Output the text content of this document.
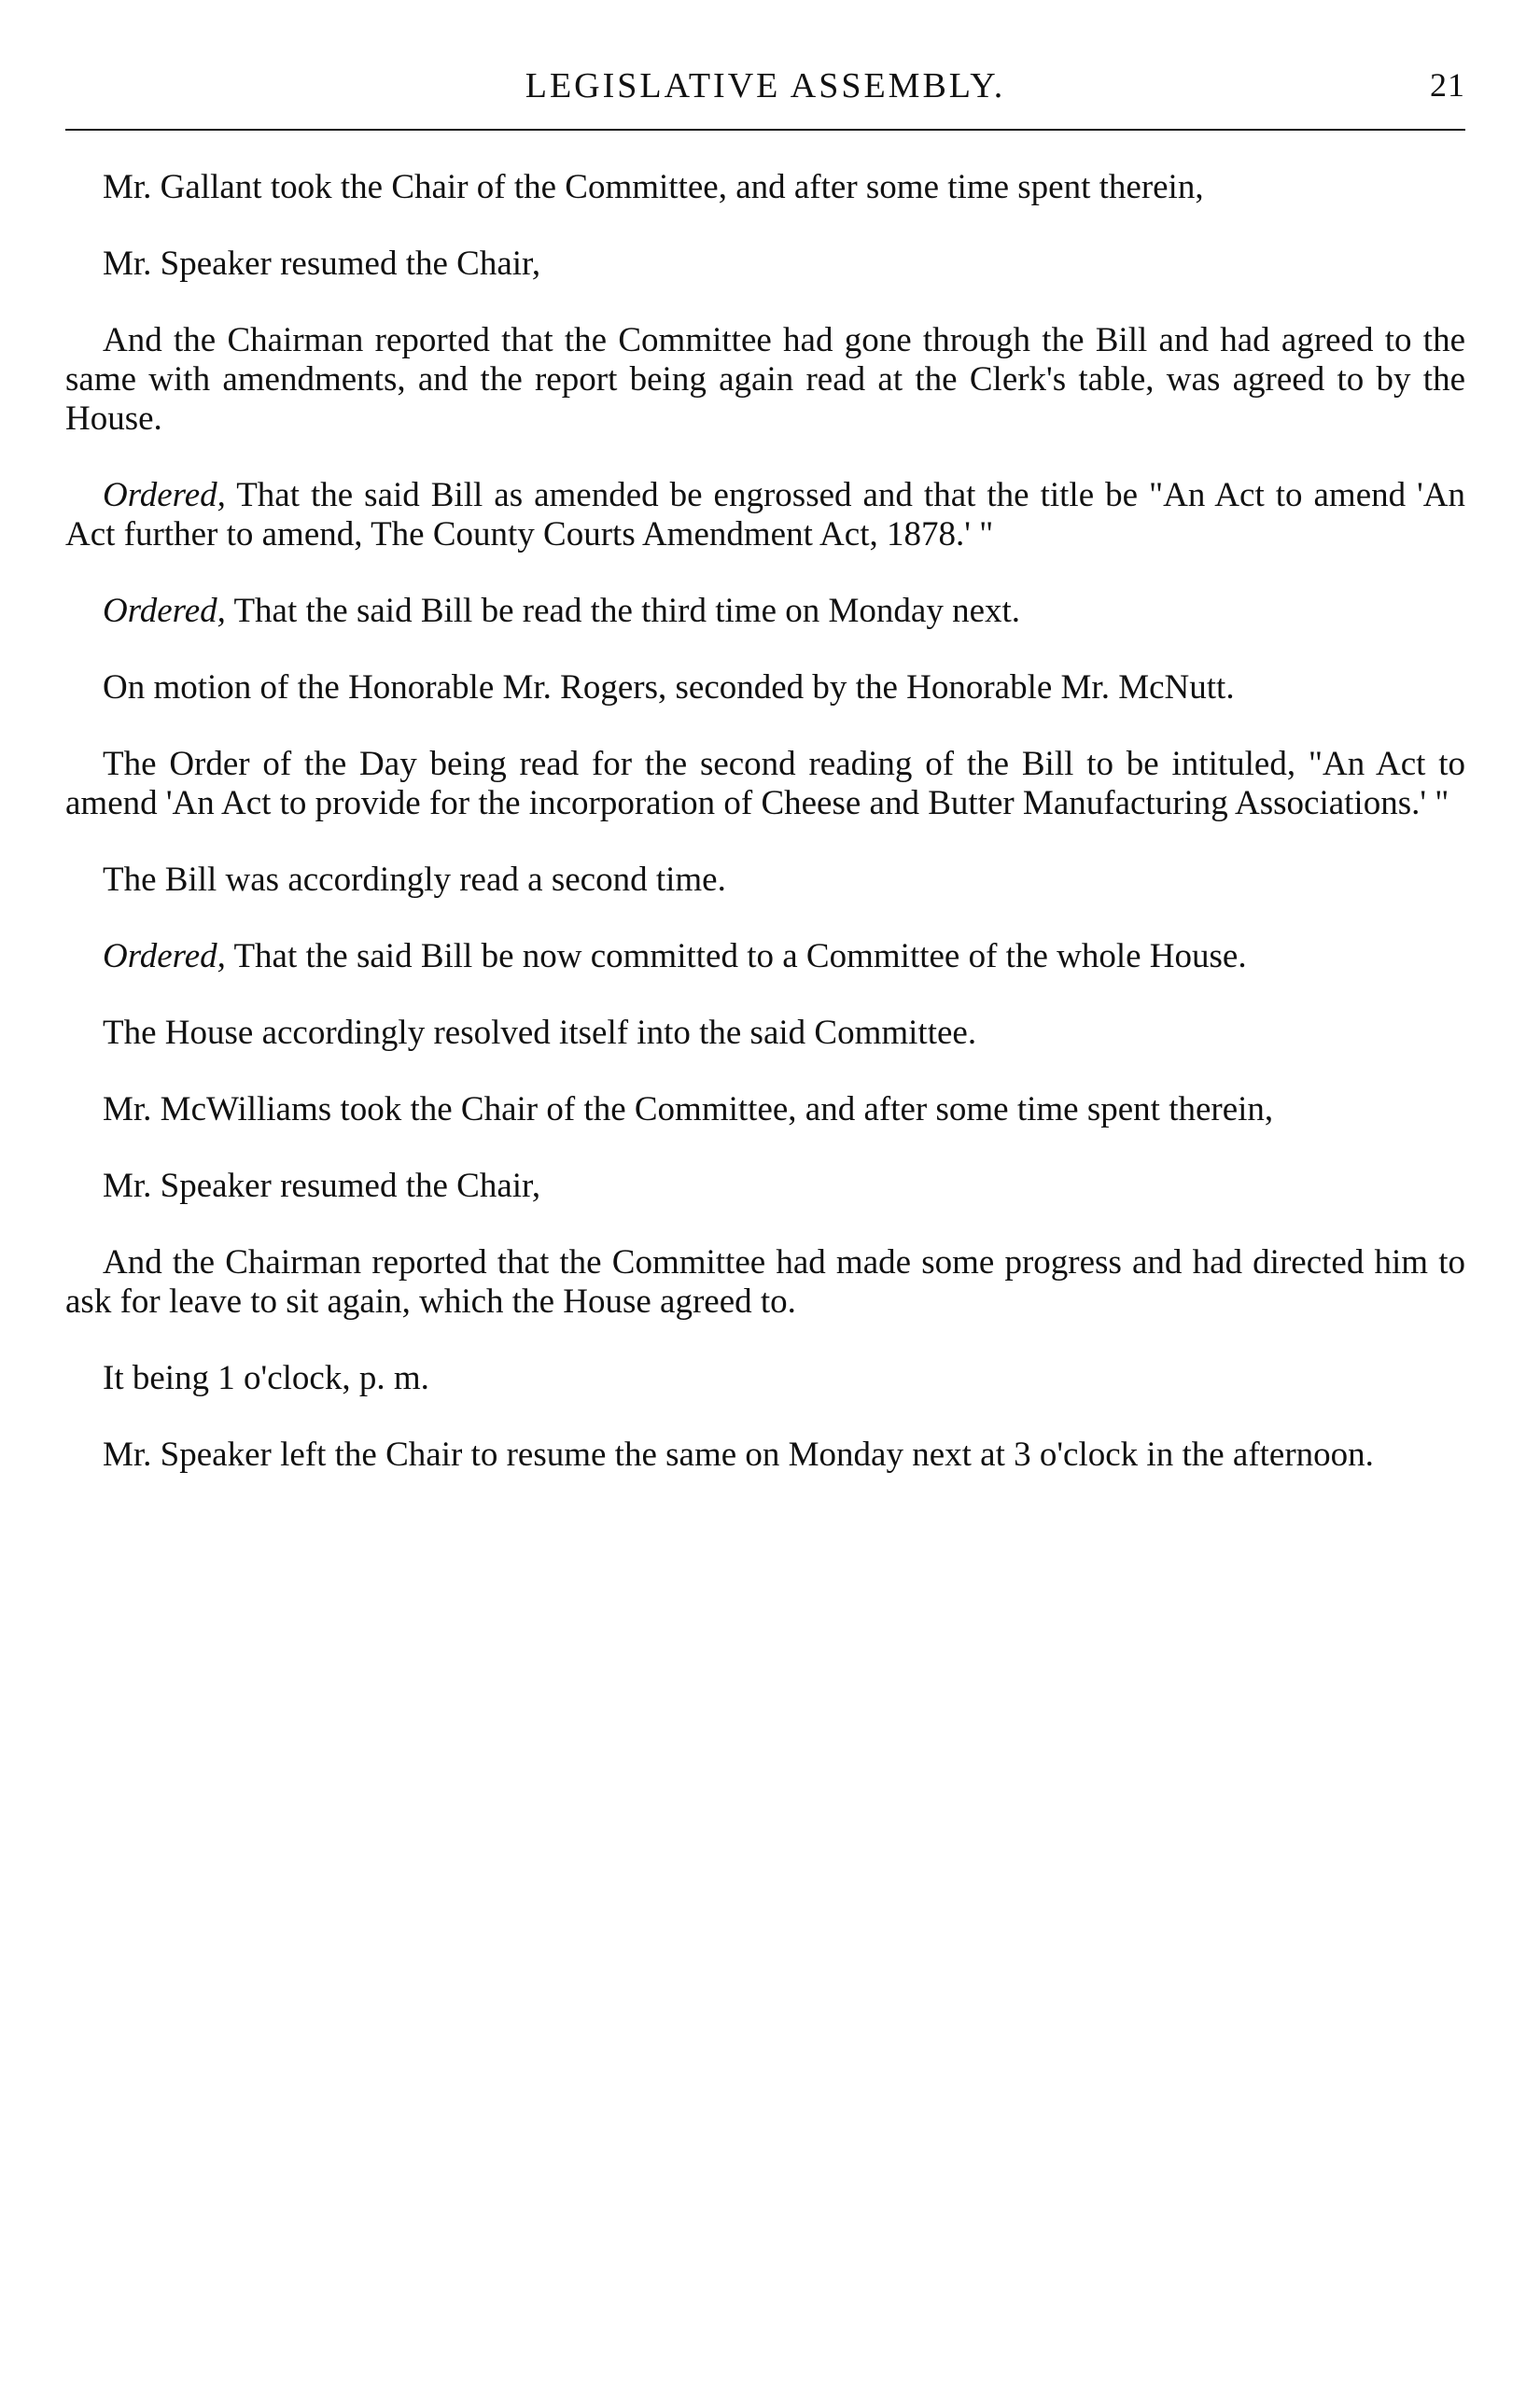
LEGISLATIVE ASSEMBLY.	21

Mr. Gallant took the Chair of the Committee, and after some time spent therein,

Mr. Speaker resumed the Chair,

And the Chairman reported that the Committee had gone through the Bill and had agreed to the same with amendments, and the report being again read at the Clerk's table, was agreed to by the House.

Ordered, That the said Bill as amended be engrossed and that the title be "An Act to amend 'An Act further to amend, The County Courts Amendment Act, 1878.' "

Ordered, That the said Bill be read the third time on Monday next.

On motion of the Honorable Mr. Rogers, seconded by the Honorable Mr. McNutt.

The Order of the Day being read for the second reading of the Bill to be intituled, "An Act to amend 'An Act to provide for the incorporation of Cheese and Butter Manufacturing Associations.' "

The Bill was accordingly read a second time.

Ordered, That the said Bill be now committed to a Committee of the whole House.

The House accordingly resolved itself into the said Committee.

Mr. McWilliams took the Chair of the Committee, and after some time spent therein,

Mr. Speaker resumed the Chair,

And the Chairman reported that the Committee had made some progress and had directed him to ask for leave to sit again, which the House agreed to.

It being 1 o'clock, p. m.

Mr. Speaker left the Chair to resume the same on Monday next at 3 o'clock in the afternoon.
